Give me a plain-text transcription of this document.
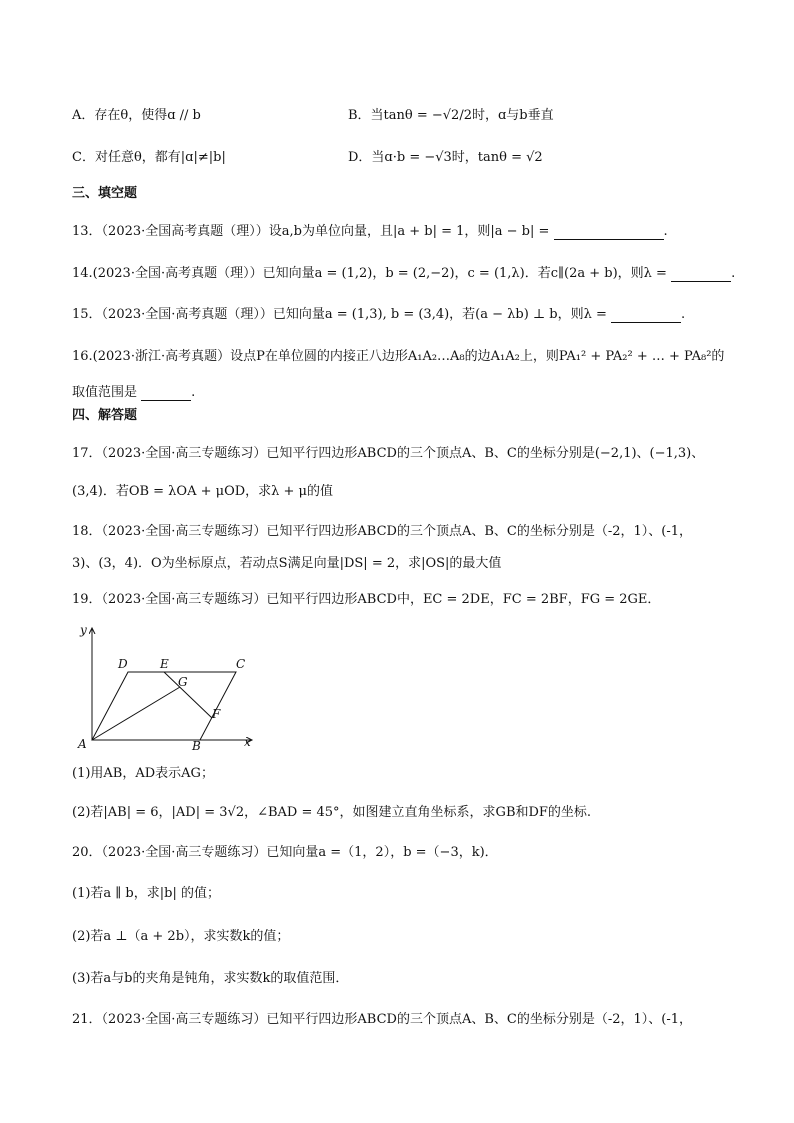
A．存在θ，使得ɑ // b	B．当tanθ = −√2/2时，ɑ与b垂直
C．对任意θ，都有|ɑ|≠|b|	D．当ɑ·b = −√3时，tanθ = √2
三、填空题
13．（2023·全国高考真题（理））设a,b为单位向量，且|a + b| = 1，则|a − b| =	.
14.(2023·全国·高考真题（理））已知向量a = (1,2)，b = (2,−2)，c = (1,λ)．若c∥(2a + b)，则λ =	.
15．（2023·全国·高考真题（理））已知向量a = (1,3), b = (3,4)，若(a − λb) ⊥ b，则λ =	.
16.(2023·浙江·高考真题）设点P在单位圆的内接正八边形A₁A₂…A₈的边A₁A₂上，则PA₁² + PA₂² + … + PA₈²的
取值范围是	.
四、解答题
17．（2023·全国·高三专题练习）已知平行四边形ABCD的三个顶点A、B、C的坐标分别是(−2,1)、(−1,3)、
(3,4)．若OB = λOA + μOD，求λ + μ的值
18．（2023·全国·高三专题练习）已知平行四边形ABCD的三个顶点A、B、C的坐标分别是（-2，1）、(-1，
3)、(3，4)．O为坐标原点，若动点S满足向量|DS| = 2，求|OS|的最大值
19．（2023·全国·高三专题练习）已知平行四边形ABCD中，EC = 2DE，FC = 2BF，FG = 2GE．
y
x
A	B
C
D	E
F
G
(1)用AB，AD表示AG；
(2)若|AB| = 6，|AD| = 3√2，∠BAD = 45°，如图建立直角坐标系，求GB和DF的坐标.
20．（2023·全国·高三专题练习）已知向量a =（1，2），b =（−3，k)．
(1)若a ∥ b，求|b| 的值；
(2)若a ⊥（a + 2b），求实数k的值；
(3)若a与b的夹角是钝角，求实数k的取值范围．
21．（2023·全国·高三专题练习）已知平行四边形ABCD的三个顶点A、B、C的坐标分别是（-2，1）、(-1，
